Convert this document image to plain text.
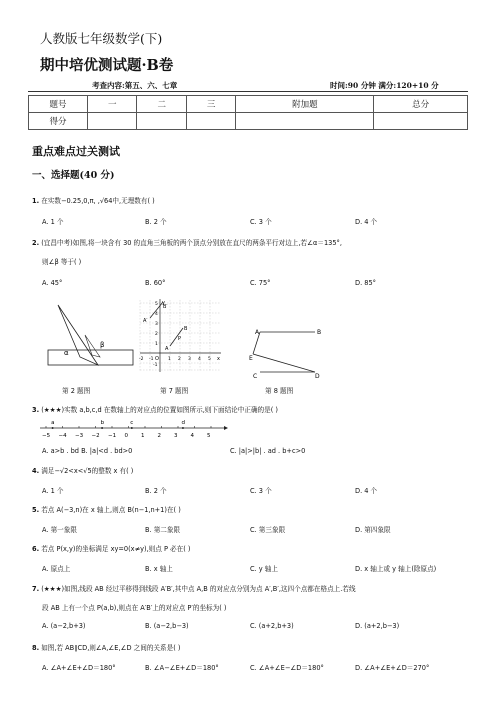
人教版七年级数学(下)
期中培优测试题·B卷
考查内容:第五、六、七章	时间:90 分钟 满分:120+10 分
题号	一	二	三	附加题	总分
得分					
重点难点过关测试
一、选择题(40 分)
1. 在实数−0.25,0,π, ,√64中,无理数有( )
A. 1 个	B. 2 个	C. 3 个	D. 4 个
2. (宜昌中考)如图,将一块含有 30 的直角三角板的两个顶点分别放在直尺的两条平行对边上,若∠α＝135°,
则∠β 等于( )
A. 45°	B. 60°	C. 75°	D. 85°
α
β
x
y
O 1 2 3 4 5
5
4
3
2
1
-2 -1
-1
A′
B′
A
B
P
A	B
E
C	D
第 2 题图	第 7 题图	第 8 题图
3. (★★★)实数 a,b,c,d 在数轴上的对应点的位置如图所示,则下面结论中正确的是( )
−5 −4 −3 −2 −1 0 1 2 3 4 5
a	b	c	d
A. a>b . bd B. |a|<d . bd>0	C. |a|>|b| . ad . b+c>0
4. 满足−√2<x<√5的整数 x 有( )
A. 1 个	B. 2 个	C. 3 个	D. 4 个
5. 若点 A(−3,n)在 x 轴上,则点 B(n−1,n+1)在( )
A. 第一象限	B. 第二象限	C. 第三象限	D. 第四象限
6. 若点 P(x,y)的坐标满足 xy=0(x≠y),则点 P 必在( )
A. 原点上	B. x 轴上	C. y 轴上	D. x 轴上或 y 轴上(除原点)
7. (★★★)如图,线段 AB 经过平移得到线段 A′B′,其中点 A,B 的对应点分别为点 A′,B′,这四个点都在格点上.若线
段 AB 上有一个点 P(a,b),则点在 A′B′上的对应点 P′的坐标为( )
A. (a−2,b+3)	B. (a−2,b−3)	C. (a+2,b+3)	D. (a+2,b−3)
8. 如图,若 AB∥CD,则∠A,∠E,∠D 之间的关系是( )
A. ∠A+∠E+∠D＝180°	B. ∠A−∠E+∠D＝180°	C. ∠A+∠E−∠D＝180°	D. ∠A+∠E+∠D＝270°
